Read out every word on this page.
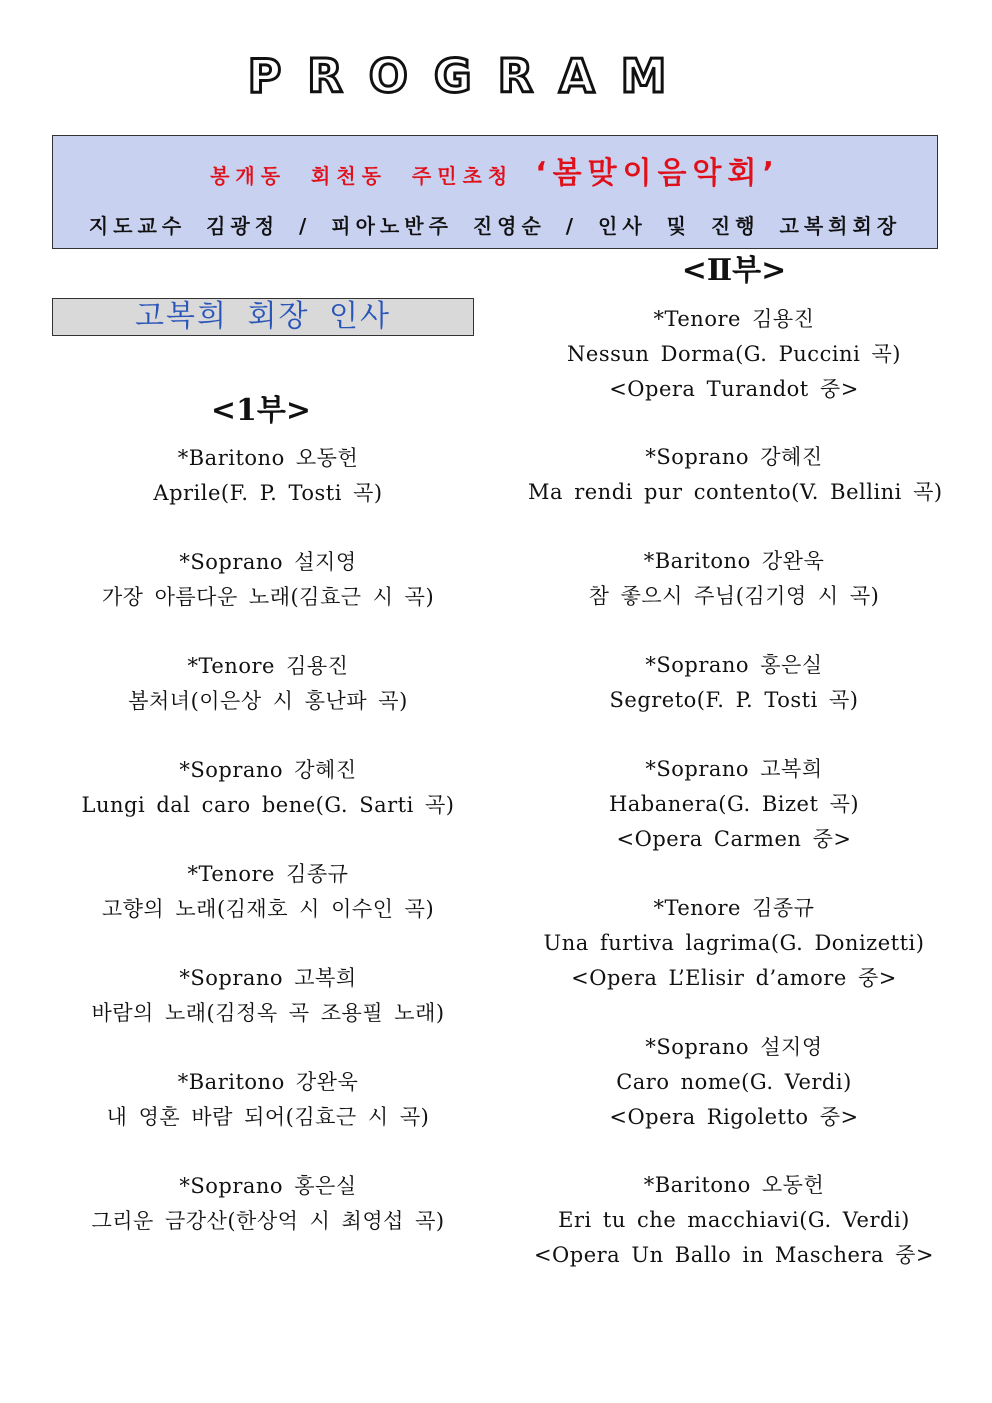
PROGRAM
봉개동 회천동 주민초청 ‘봄맞이음악회’
지도교수 김광정 / 피아노반주 진영순 / 인사 및 진행 고복희회장
고복희 회장 인사
<1부>
<Ⅱ부>
*Baritono 오동헌
Aprile(F. P. Tosti 곡)
*Soprano 설지영
가장 아름다운 노래(김효근 시 곡)
*Tenore 김용진
봄처녀(이은상 시 홍난파 곡)
*Soprano 강혜진
Lungi dal caro bene(G. Sarti 곡)
*Tenore 김종규
고향의 노래(김재호 시 이수인 곡)
*Soprano 고복희
바람의 노래(김정옥 곡 조용필 노래)
*Baritono 강완욱
내 영혼 바람 되어(김효근 시 곡)
*Soprano 홍은실
그리운 금강산(한상억 시 최영섭 곡)
*Tenore 김용진
Nessun Dorma(G. Puccini 곡)
<Opera Turandot 중>
*Soprano 강혜진
Ma rendi pur contento(V. Bellini 곡)
*Baritono 강완욱
참 좋으시 주님(김기영 시 곡)
*Soprano 홍은실
Segreto(F. P. Tosti 곡)
*Soprano 고복희
Habanera(G. Bizet 곡)
<Opera Carmen 중>
*Tenore 김종규
Una furtiva lagrima(G. Donizetti)
<Opera L’Elisir d’amore 중>
*Soprano 설지영
Caro nome(G. Verdi)
<Opera Rigoletto 중>
*Baritono 오동헌
Eri tu che macchiavi(G. Verdi)
<Opera Un Ballo in Maschera 중>
